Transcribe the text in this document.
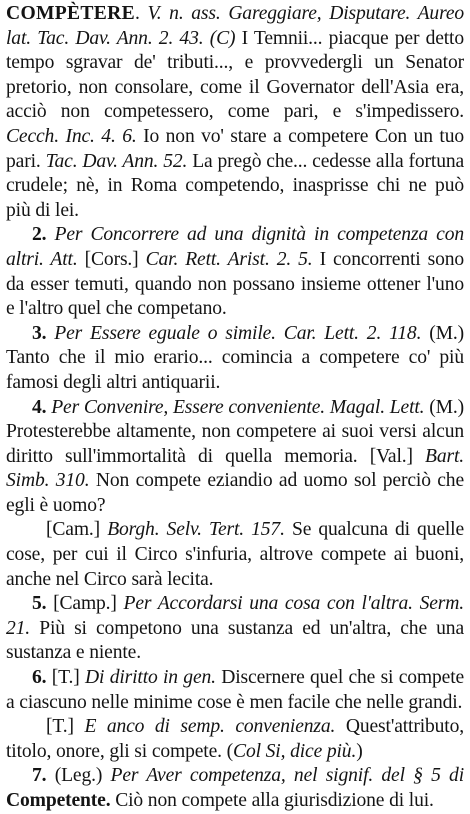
COMPÈTERE. V. n. ass. Gareggiare, Disputare. Aureo lat. Tac. Dav. Ann. 2. 43. (C) I Temnii... piacque per detto tempo sgravar de' tributi..., e provvedergli un Senator pretorio, non consolare, come il Governator dell'Asia era, acciò non competessero, come pari, e s'impedissero. Cecch. Inc. 4. 6. Io non vo' stare a competere Con un tuo pari. Tac. Dav. Ann. 52. La pregò che... cedesse alla fortuna crudele; nè, in Roma competendo, inasprisse chi ne può più di lei.

2. Per Concorrere ad una dignità in competenza con altri. Att. [Cors.] Car. Rett. Arist. 2. 5. I concorrenti sono da esser temuti, quando non possano insieme ottener l'uno e l'altro quel che competano.

3. Per Essere eguale o simile. Car. Lett. 2. 118. (M.) Tanto che il mio erario... comincia a competere co' più famosi degli altri antiquarii.

4. Per Convenire, Essere conveniente. Magal. Lett. (M.) Protesterebbe altamente, non competere ai suoi versi alcun diritto sull'immortalità di quella memoria. [Val.] Bart. Simb. 310. Non compete eziandio ad uomo sol perciò che egli è uomo?

[Cam.] Borgh. Selv. Tert. 157. Se qualcuna di quelle cose, per cui il Circo s'infuria, altrove compete ai buoni, anche nel Circo sarà lecita.

5. [Camp.] Per Accordarsi una cosa con l'altra. Serm. 21. Più si competono una sustanza ed un'altra, che una sustanza e niente.

6. [T.] Di diritto in gen. Discernere quel che si compete a ciascuno nelle minime cose è men facile che nelle grandi.

[T.] E anco di semp. convenienza. Quest'attributo, titolo, onore, gli si compete. (Col Si, dice più.)

7. (Leg.) Per Aver competenza, nel signif. del § 5 di Competente. Ciò non compete alla giurisdizione di lui.
